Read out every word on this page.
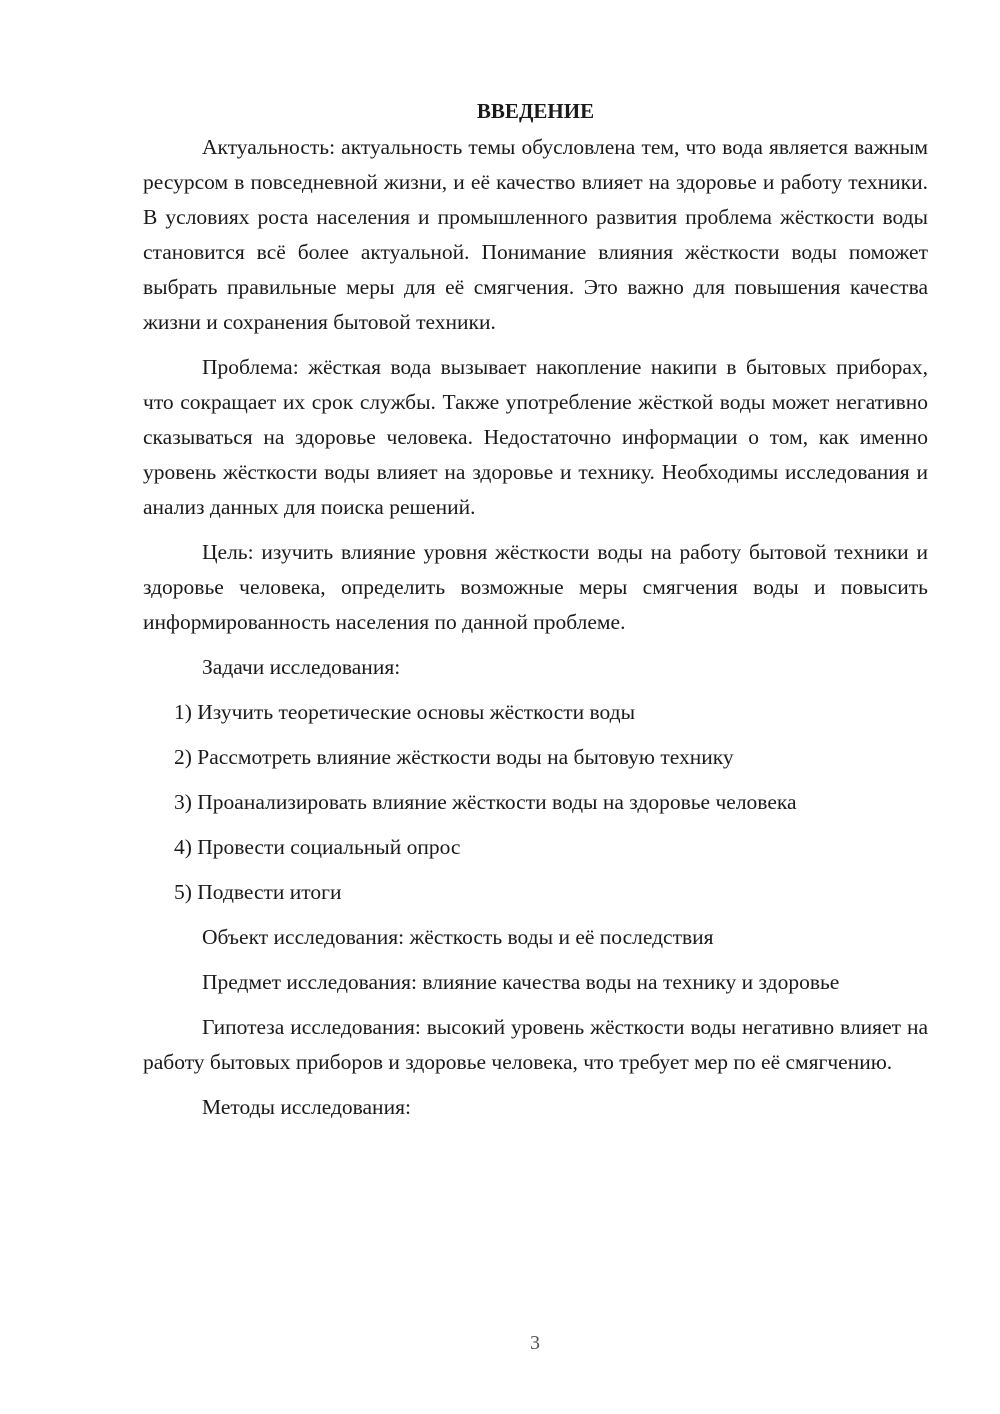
ВВЕДЕНИЕ

Актуальность: актуальность темы обусловлена тем, что вода является важным ресурсом в повседневной жизни, и её качество влияет на здоровье и работу техники. В условиях роста населения и промышленного развития проблема жёсткости воды становится всё более актуальной. Понимание влияния жёсткости воды поможет выбрать правильные меры для её смягчения. Это важно для повышения качества жизни и сохранения бытовой техники.

Проблема: жёсткая вода вызывает накопление накипи в бытовых приборах, что сокращает их срок службы. Также употребление жёсткой воды может негативно сказываться на здоровье человека. Недостаточно информации о том, как именно уровень жёсткости воды влияет на здоровье и технику. Необходимы исследования и анализ данных для поиска решений.

Цель: изучить влияние уровня жёсткости воды на работу бытовой техники и здоровье человека, определить возможные меры смягчения воды и повысить информированность населения по данной проблеме.

Задачи исследования:

1) Изучить теоретические основы жёсткости воды

2) Рассмотреть влияние жёсткости воды на бытовую технику

3) Проанализировать влияние жёсткости воды на здоровье человека

4) Провести социальный опрос

5) Подвести итоги

Объект исследования: жёсткость воды и её последствия

Предмет исследования: влияние качества воды на технику и здоровье

Гипотеза исследования: высокий уровень жёсткости воды негативно влияет на работу бытовых приборов и здоровье человека, что требует мер по её смягчению.

Методы исследования:

3
